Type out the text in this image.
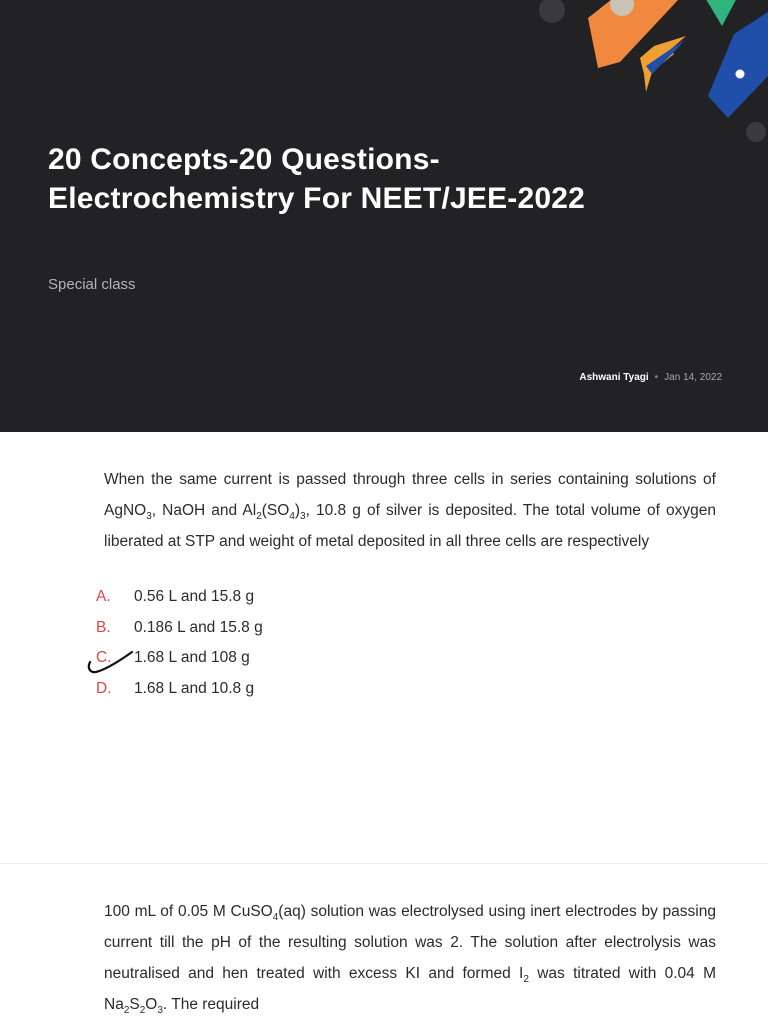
20 Concepts-20 Questions-Electrochemistry For NEET/JEE-2022
Special class
Ashwani Tyagi • Jan 14, 2022

When the same current is passed through three cells in series containing solutions of AgNO$_3$, NaOH and $Al_2(SO_4)_3$, 10.8 g of silver is deposited. The total volume of oxygen liberated at STP and weight of metal deposited in all three cells are respectively

A.	0.56 L and 15.8 g
B.	0.186 L and 15.8 g
C.	1.68 L and 108 g
D.	1.68 L and 10.8 g

100 mL of 0.05 M CuSO$_4$(aq) solution was electrolysed using inert electrodes by passing current till the pH of the resulting solution was 2. The solution after electrolysis was neutralised and hen treated with excess KI and formed $I_2$ was titrated with 0.04 M $Na_2S_2O_3$. The required
